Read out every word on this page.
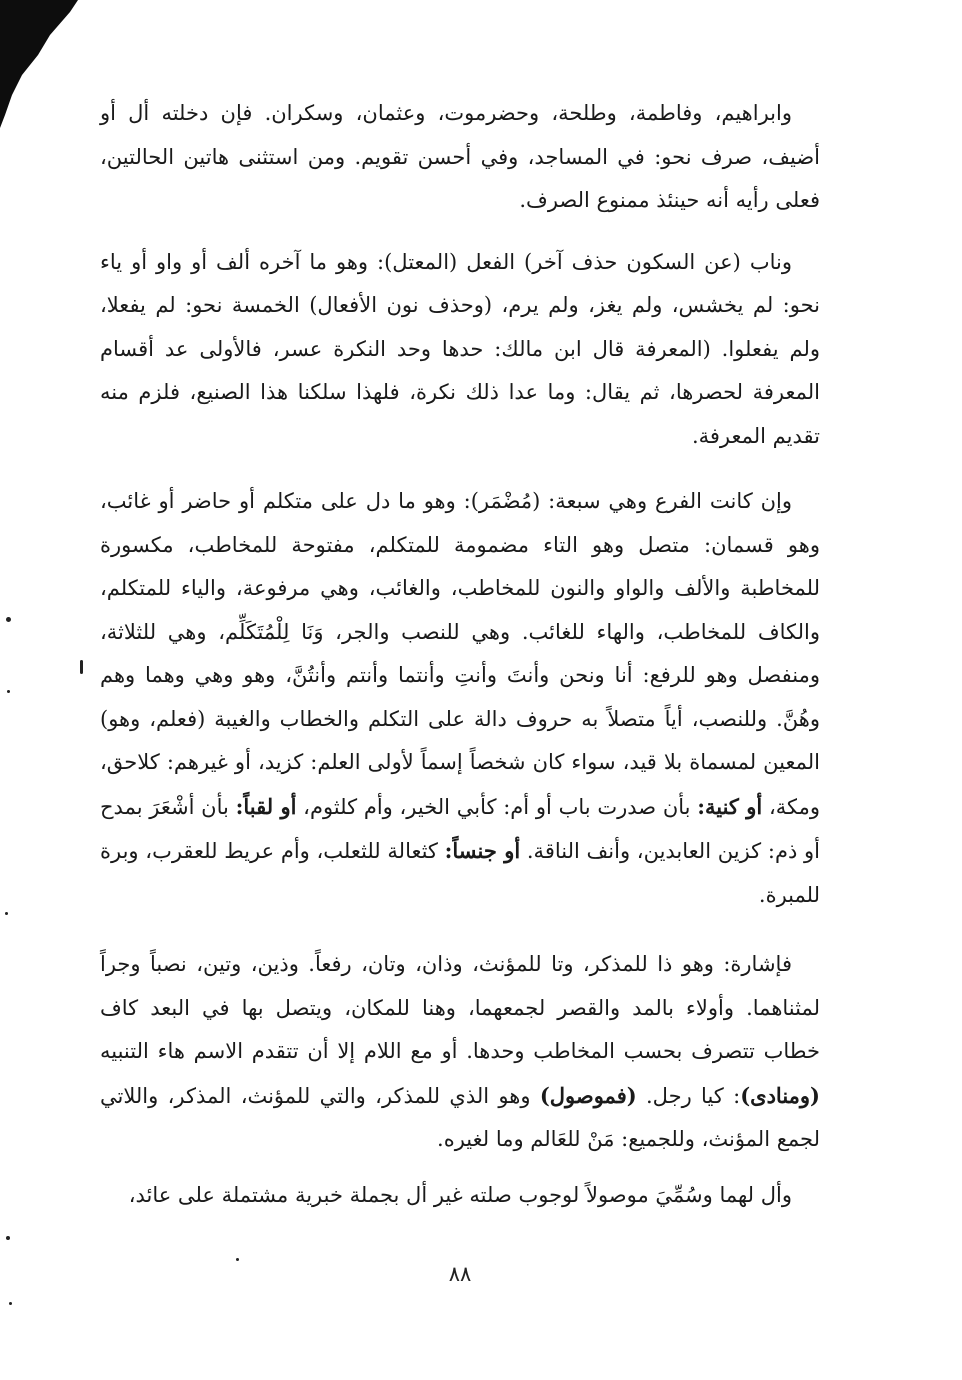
وابراهيم، وفاطمة، وطلحة، وحضرموت، وعثمان، وسكران. فإن دخلته أل أو أضيف، صرف نحو: في المساجد، وفي أحسن تقويم. ومن استثنى هاتين الحالتين، فعلى رأيه أنه حينئذ ممنوع الصرف.

وناب (عن السكون حذف آخر) الفعل (المعتل): وهو ما آخره ألف أو واو أو ياء نحو: لم يخشس، ولم يغز، ولم يرم، (وحذف نون الأفعال) الخمسة نحو: لم يفعلا، ولم يفعلوا. (المعرفة قال ابن مالك: حدها وحد النكرة عسر، فالأولى عد أقسام المعرفة لحصرها، ثم يقال: وما عدا ذلك نكرة، فلهذا سلكنا هذا الصنيع، فلزم منه تقديم المعرفة.

وإن كانت الفرع وهي سبعة: (مُضْمَر): وهو ما دل على متكلم أو حاضر أو غائب، وهو قسمان: متصل وهو التاء مضمومة للمتكلم، مفتوحة للمخاطب، مكسورة للمخاطبة والألف والواو والنون للمخاطب، والغائب، وهي مرفوعة، والياء للمتكلم، والكاف للمخاطب، والهاء للغائب. وهي للنصب والجر، وَنَا لِلْمُتَكَلِّم، وهي للثلاثة، ومنفصل وهو للرفع: أنا ونحن وأنتَ وأنتِ وأنتما وأنتم وأنتُنَّ، وهو وهي وهما وهم وهُنَّ. وللنصب، أياً متصلاً به حروف دالة على التكلم والخطاب والغيبة (فعلم، وهو) المعين لمسماة بلا قيد، سواء كان شخصاً إسماً لأولى العلم: كزيد، أو غيرهم: كلاحق، ومكة، أو كنية: بأن صدرت باب أو أم: كأبي الخير، وأم كلثوم، أو لقباً: بأن أشْعَرَ بمدح أو ذم: كزين العابدين، وأنف الناقة. أو جنساً: كثعالة للثعلب، وأم عريط للعقرب، وبرة للمبرة.

فإشارة: وهو ذا للمذكر، وتا للمؤنث، وذان، وتان، رفعاً. وذين، وتين، نصباً وجراً لمثناهما. وأولاء بالمد والقصر لجمعهما، وهنا للمكان، ويتصل بها في البعد كاف خطاب تتصرف بحسب المخاطب وحدها. أو مع اللام إلا أن تتقدم الاسم هاء التنبيه (ومنادى): كيا رجل. (فموصول) وهو الذي للمذكر، والتي للمؤنث، المذكر، واللاتي لجمع المؤنث، وللجميع: مَنْ للعَالم وما لغيره.

وأل لهما وسُمِّيَ موصولاً لوجوب صلته غير أل بجملة خبرية مشتملة على عائد،

٨٨
